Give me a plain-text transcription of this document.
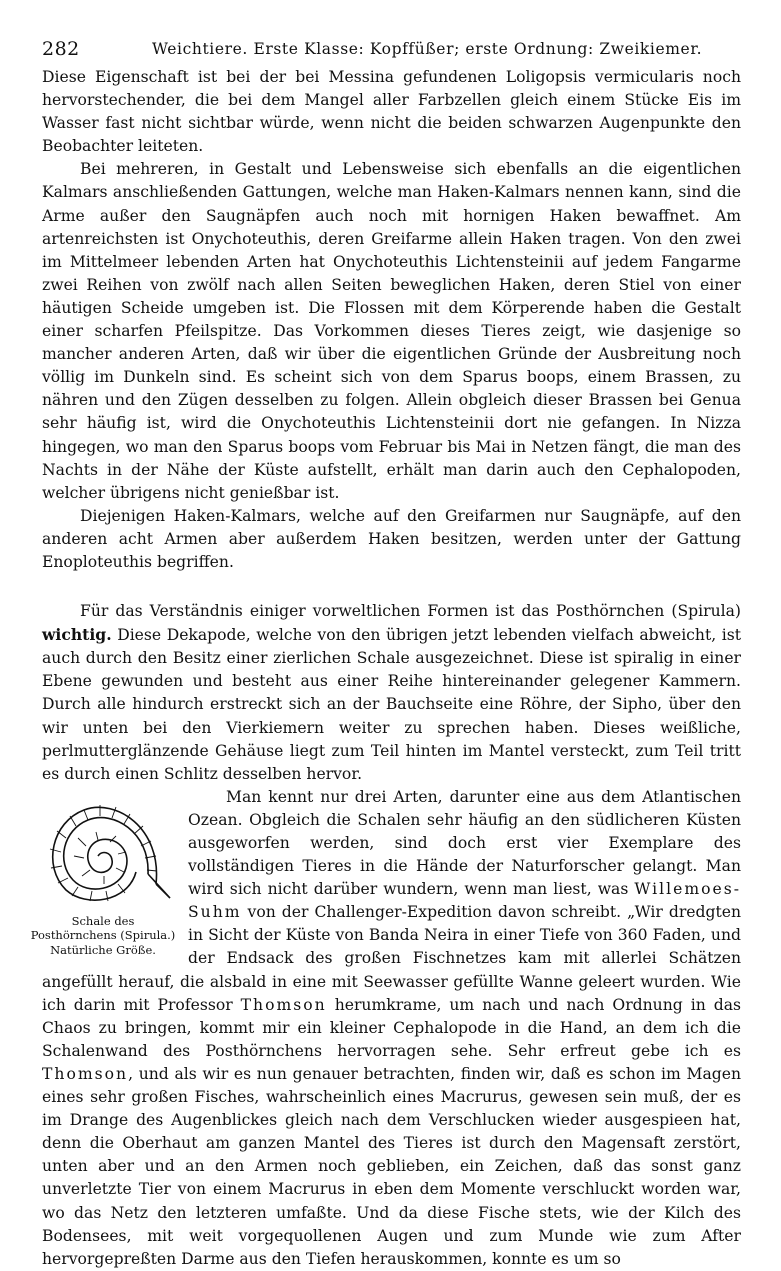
282	Weichtiere. Erste Klasse: Kopffüßer; erste Ordnung: Zweikiemer.

Diese Eigenschaft ist bei der bei Messina gefundenen Loligopsis vermicularis noch hervorstechender, die bei dem Mangel aller Farbzellen gleich einem Stücke Eis im Wasser fast nicht sichtbar würde, wenn nicht die beiden schwarzen Augenpunkte den Beobachter leiteten.

Bei mehreren, in Gestalt und Lebensweise sich ebenfalls an die eigentlichen Kalmars anschließenden Gattungen, welche man Haken-Kalmars nennen kann, sind die Arme außer den Saugnäpfen auch noch mit hornigen Haken bewaffnet. Am artenreichsten ist Onychoteuthis, deren Greifarme allein Haken tragen. Von den zwei im Mittelmeer lebenden Arten hat Onychoteuthis Lichtensteinii auf jedem Fangarme zwei Reihen von zwölf nach allen Seiten beweglichen Haken, deren Stiel von einer häutigen Scheide umgeben ist. Die Flossen mit dem Körperende haben die Gestalt einer scharfen Pfeilspitze. Das Vorkommen dieses Tieres zeigt, wie dasjenige so mancher anderen Arten, daß wir über die eigentlichen Gründe der Ausbreitung noch völlig im Dunkeln sind. Es scheint sich von dem Sparus boops, einem Brassen, zu nähren und den Zügen desselben zu folgen. Allein obgleich dieser Brassen bei Genua sehr häufig ist, wird die Onychoteuthis Lichtensteinii dort nie gefangen. In Nizza hingegen, wo man den Sparus boops vom Februar bis Mai in Netzen fängt, die man des Nachts in der Nähe der Küste aufstellt, erhält man darin auch den Cephalopoden, welcher übrigens nicht genießbar ist.

Diejenigen Haken-Kalmars, welche auf den Greifarmen nur Saugnäpfe, auf den anderen acht Armen aber außerdem Haken besitzen, werden unter der Gattung Enoploteuthis begriffen.

Für das Verständnis einiger vorweltlichen Formen ist das Posthörnchen (Spirula) wichtig. Diese Dekapode, welche von den übrigen jetzt lebenden vielfach abweicht, ist auch durch den Besitz einer zierlichen Schale ausgezeichnet. Diese ist spiralig in einer Ebene gewunden und besteht aus einer Reihe hintereinander gelegener Kammern. Durch alle hindurch erstreckt sich an der Bauchseite eine Röhre, der Sipho, über den wir unten bei den Vierkiemern weiter zu sprechen haben. Dieses weißliche, perlmutterglänzende Gehäuse liegt zum Teil hinten im Mantel versteckt, zum Teil tritt es durch einen Schlitz desselben hervor.

Schale des Posthörnchens (Spirula.) Natürliche Größe.

Man kennt nur drei Arten, darunter eine aus dem Atlantischen Ozean. Obgleich die Schalen sehr häufig an den südlicheren Küsten ausgeworfen werden, sind doch erst vier Exemplare des vollständigen Tieres in die Hände der Naturforscher gelangt. Man wird sich nicht darüber wundern, wenn man liest, was Willemoes-Suhm von der Challenger-Expedition davon schreibt. „Wir dredgten in Sicht der Küste von Banda Neira in einer Tiefe von 360 Faden, und der Endsack des großen Fischnetzes kam mit allerlei Schätzen angefüllt herauf, die alsbald in eine mit Seewasser gefüllte Wanne geleert wurden. Wie ich darin mit Professor Thomson herumkrame, um nach und nach Ordnung in das Chaos zu bringen, kommt mir ein kleiner Cephalopode in die Hand, an dem ich die Schalenwand des Posthörnchens hervorragen sehe. Sehr erfreut gebe ich es Thomson, und als wir es nun genauer betrachten, finden wir, daß es schon im Magen eines sehr großen Fisches, wahrscheinlich eines Macrurus, gewesen sein muß, der es im Drange des Augenblickes gleich nach dem Verschlucken wieder ausgespieen hat, denn die Oberhaut am ganzen Mantel des Tieres ist durch den Magensaft zerstört, unten aber und an den Armen noch geblieben, ein Zeichen, daß das sonst ganz unverletzte Tier von einem Macrurus in eben dem Momente verschluckt worden war, wo das Netz den letzteren umfaßte. Und da diese Fische stets, wie der Kilch des Bodensees, mit weit vorgequollenen Augen und zum Munde wie zum After hervorgepreßten Darme aus den Tiefen herauskommen, konnte es um so
